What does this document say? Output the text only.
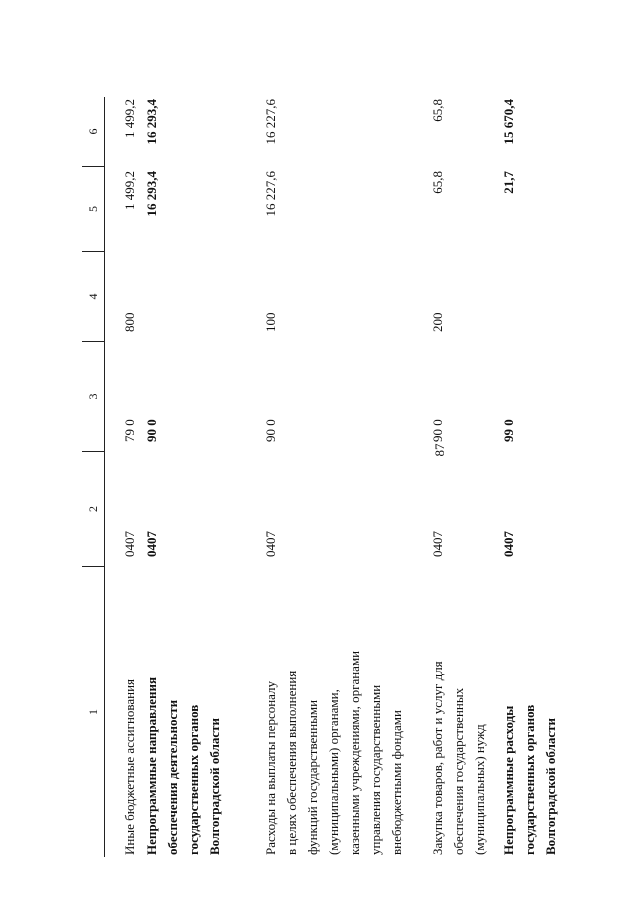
87
1
2
3
4
5
6
Иные бюджетные ассигнования
0407
79 0
800
1 499,2
1 499,2
Непрограммные направления обеспечения деятельности государственных органов Волгоградской области
0407
90 0
16 293,4
16 293,4
Расходы на выплаты персоналу в целях обеспечения выполнения функций государственными (муниципальными) органами, казенными учреждениями, органами управления государственными внебюджетными фондами
0407
90 0
100
16 227,6
16 227,6
Закупка товаров, работ и услуг для обеспечения государственных (муниципальных) нужд
0407
90 0
200
65,8
65,8
Непрограммные расходы государственных органов Волгоградской области
0407
99 0
21,7
15 670,4
